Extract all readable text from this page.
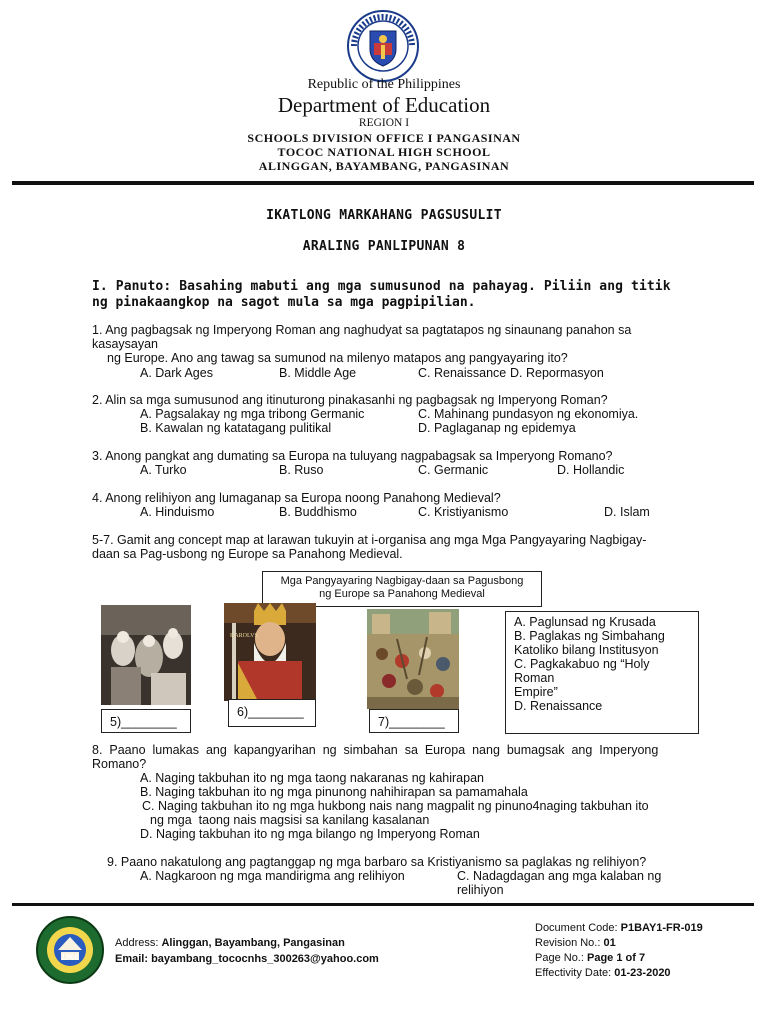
Republic of the Philippines
Department of Education
REGION I
SCHOOLS DIVISION OFFICE I PANGASINAN
TOCOC NATIONAL HIGH SCHOOL
ALINGGAN, BAYAMBANG, PANGASINAN
IKATLONG MARKAHANG PAGSUSULIT
ARALING PANLIPUNAN 8
I. Panuto: Basahing mabuti ang mga sumusunod na pahayag. Piliin ang titik
ng pinakaangkop na sagot mula sa mga pagpipilian.
1. Ang pagbagsak ng Imperyong Roman ang naghudyat sa pagtatapos ng sinaunang panahon sa
kasaysayan
ng Europe. Ano ang tawag sa sumunod na milenyo matapos ang pangyayaring ito?
A. Dark Ages	B. Middle Age	C. Renaissance D. Repormasyon
2. Alin sa mga sumusunod ang itinuturong pinakasanhi ng pagbagsak ng Imperyong Roman?
A. Pagsalakay ng mga tribong Germanic	C. Mahinang pundasyon ng ekonomiya.
B. Kawalan ng katatagang pulitikal	D. Paglaganap ng epidemya
3. Anong pangkat ang dumating sa Europa na tuluyang nagpabagsak sa Imperyong Romano?
A. Turko	B. Ruso	C. Germanic	D. Hollandic
4. Anong relihiyon ang lumaganap sa Europa noong Panahong Medieval?
A. Hinduismo	B. Buddhismo	C. Kristiyanismo	D. Islam
5-7. Gamit ang concept map at larawan tukuyin at i-organisa ang mga Mga Pangyayaring Nagbigay-
daan sa Pag-usbong ng Europe sa Panahong Medieval.
Mga Pangyayaring Nagbigay-daan sa Pagusbong
ng Europe sa Panahong Medieval
5)________
KAROLVS
6)________
7)________
A. Paglunsad ng Krusada
B. Paglakas ng Simbahang
Katoliko bilang Institusyon
C. Pagkakabuo ng “Holy Roman
Empire”
D. Renaissance
8.  Paano  lumakas  ang  kapangyarihan  ng  simbahan  sa  Europa  nang  bumagsak  ang  Imperyong
Romano?
A. Naging takbuhan ito ng mga taong nakaranas ng kahirapan
B. Naging takbuhan ito ng mga pinunong nahihirapan sa pamamahala
C. Naging takbuhan ito ng mga hukbong nais nang magpalit ng pinuno4naging takbuhan ito
ng mga  taong nais magsisi sa kanilang kasalanan
D. Naging takbuhan ito ng mga bilango ng Imperyong Roman
9. Paano nakatulong ang pagtanggap ng mga barbaro sa Kristiyanismo sa paglakas ng relihiyon?
A. Nagkaroon ng mga mandirigma ang relihiyon	C. Nadagdagan ang mga kalaban ng
relihiyon
1966
Address: Alinggan, Bayambang, Pangasinan
Email: bayambang_tococnhs_300263@yahoo.com
Document Code: P1BAY1-FR-019
Revision No.: 01
Page No.: Page 1 of 7
Effectivity Date: 01-23-2020
